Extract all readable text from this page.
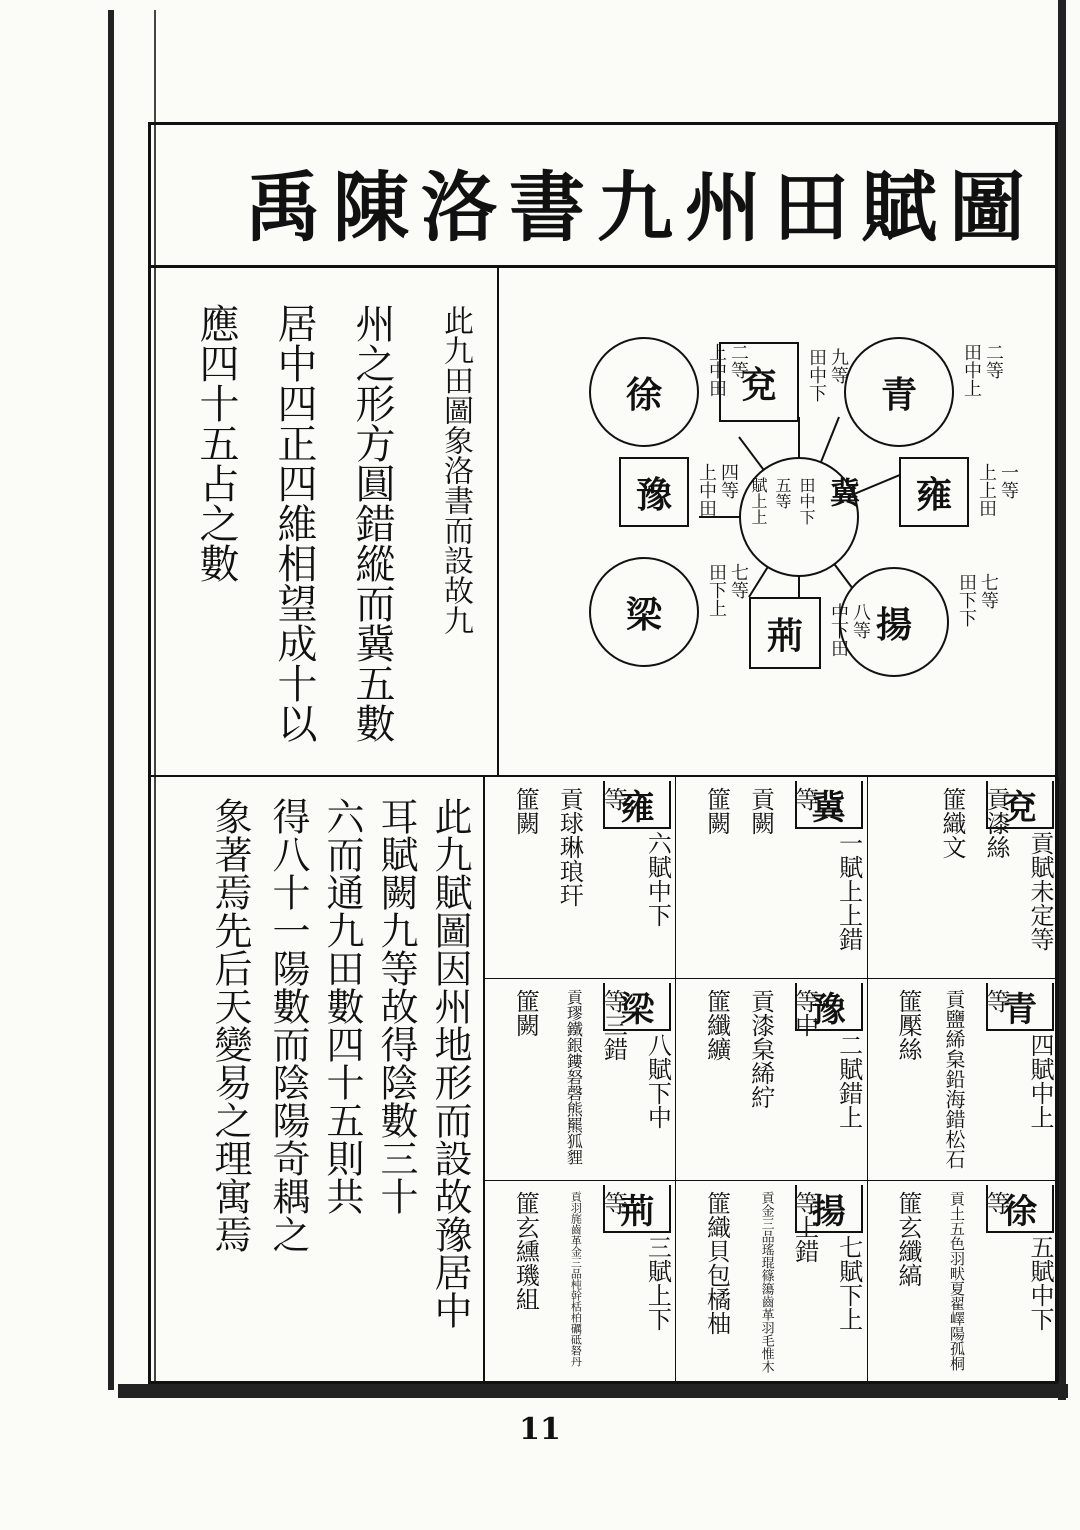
禹陳洛書九州田賦圖
此九田圖象洛書而設故九
州之形方圓錯縱而冀五數
居中四正四維相望成十以
應四十五占之數	冀
田中下
五等
賦上上
青 田中上 二等
兗 田中下 九等
徐 上中田 二等
揚 田下下 七等
荊 中下田 八等
梁 田下上 七等
豫 上中田 四等	雍 上上田 一等
此九賦圖因州地形而設故豫居中
耳賦闕九等故得陰數三十
六而通九田數四十五則共
得八十一陽數而陰陽奇耦之
象著焉先后天變易之理寓焉	兗
貢賦未定等
貢漆絲
篚織文
冀
一賦上上錯
等
貢闕
篚闕
雍
六賦中下
等
貢球琳琅玕
篚闕
青
四賦中上
等
貢鹽絺枲鉛海錯松石
篚檿絲
豫
二賦錯上
等中
貢漆枲絺紵
篚纖纊
梁
八賦下中
等三錯
貢璆鐵銀鏤砮磬熊羆狐貍
篚闕
徐
五賦中下
等
貢土五色羽畎夏翟嶧陽孤桐
篚玄纖縞
揚
七賦下上
等上錯
貢金三品瑤琨篠簜齒革羽毛惟木
篚織貝包橘柚
荊
三賦上下
等
貢羽旄齒革金三品杶幹栝柏礪砥砮丹
篚玄纁璣組
11
